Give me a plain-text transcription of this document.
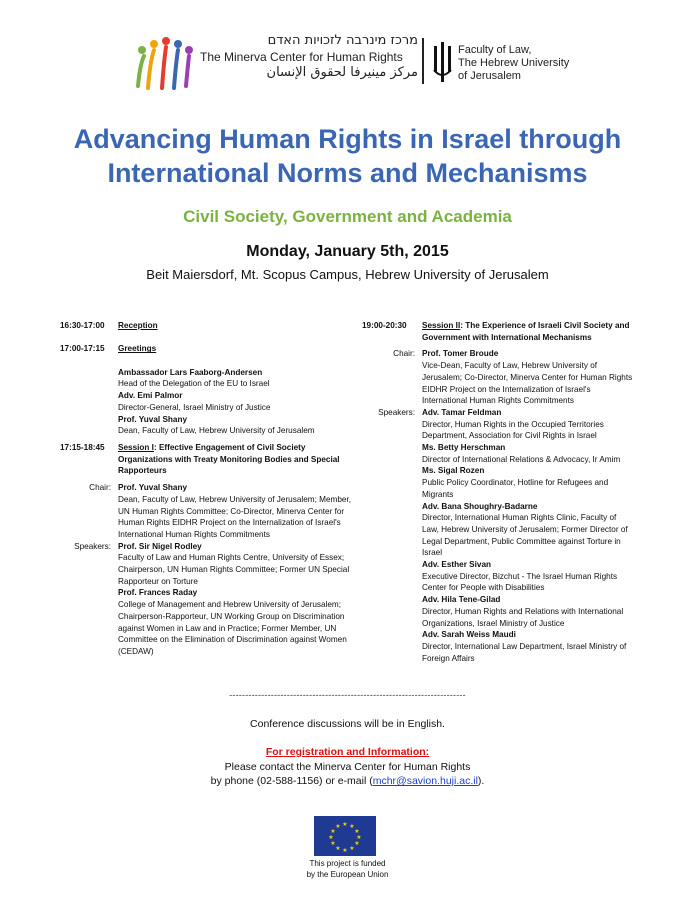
מרכז מינרבה לזכויות האדם
The Minerva Center for Human Rights
مركز مينيرفا لحقوق الإنسان
Faculty of Law,
The Hebrew University
of Jerusalem
Advancing Human Rights in Israel through
International Norms and Mechanisms
Civil Society, Government and Academia
Monday, January 5th, 2015
Beit Maiersdorf, Mt. Scopus Campus, Hebrew University of Jerusalem
16:30-17:00	Reception
17:00-17:15	Greetings
Ambassador Lars Faaborg-Andersen
Head of the Delegation of the EU to Israel
Adv. Emi Palmor
Director-General, Israel Ministry of Justice
Prof. Yuval Shany
Dean, Faculty of Law, Hebrew University of Jerusalem
17:15-18:45	Session I: Effective Engagement of Civil Society Organizations with Treaty Monitoring Bodies and Special Rapporteurs
Chair: Prof. Yuval Shany
Dean, Faculty of Law, Hebrew University of Jerusalem; Member, UN Human Rights Committee; Co-Director, Minerva Center for Human Rights EIDHR Project on the Internalization of Israel's International Human Rights Commitments
Speakers: Prof. Sir Nigel Rodley
Faculty of Law and Human Rights Centre, University of Essex; Chairperson, UN Human Rights Committee; Former UN Special Rapporteur on Torture
Prof. Frances Raday
College of Management and Hebrew University of Jerusalem; Chairperson-Rapporteur, UN Working Group on Discrimination against Women in Law and in Practice; Former Member, UN Committee on the Elimination of Discrimination against Women (CEDAW)
19:00-20:30	Session II: The Experience of Israeli Civil Society and Government with International Mechanisms
Chair: Prof. Tomer Broude
Vice-Dean, Faculty of Law, Hebrew University of Jerusalem; Co-Director, Minerva Center for Human Rights EIDHR Project on the Internalization of Israel's International Human Rights Commitments
Speakers: Adv. Tamar Feldman
Director, Human Rights in the Occupied Territories Department, Association for Civil Rights in Israel
Ms. Betty Herschman
Director of International Relations & Advocacy, Ir Amim
Ms. Sigal Rozen
Public Policy Coordinator, Hotline for Refugees and Migrants
Adv. Bana Shoughry-Badarne
Director, International Human Rights Clinic, Faculty of Law, Hebrew University of Jerusalem; Former Director of Legal Department, Public Committee against Torture in Israel
Adv. Esther Sivan
Executive Director, Bizchut - The Israel Human Rights Center for People with Disabilities
Adv. Hila Tene-Gilad
Director, Human Rights and Relations with International Organizations, Israel Ministry of Justice
Adv. Sarah Weiss Maudi
Director, International Law Department, Israel Ministry of Foreign Affairs
--------------------------------------------------------------------------
Conference discussions will be in English.
For registration and Information:
Please contact the Minerva Center for Human Rights
by phone (02-588-1156) or e-mail (mchr@savion.huji.ac.il).
★ ★
★
★
★
★
★
★
★
★
★
★
This project is funded
by the European Union
